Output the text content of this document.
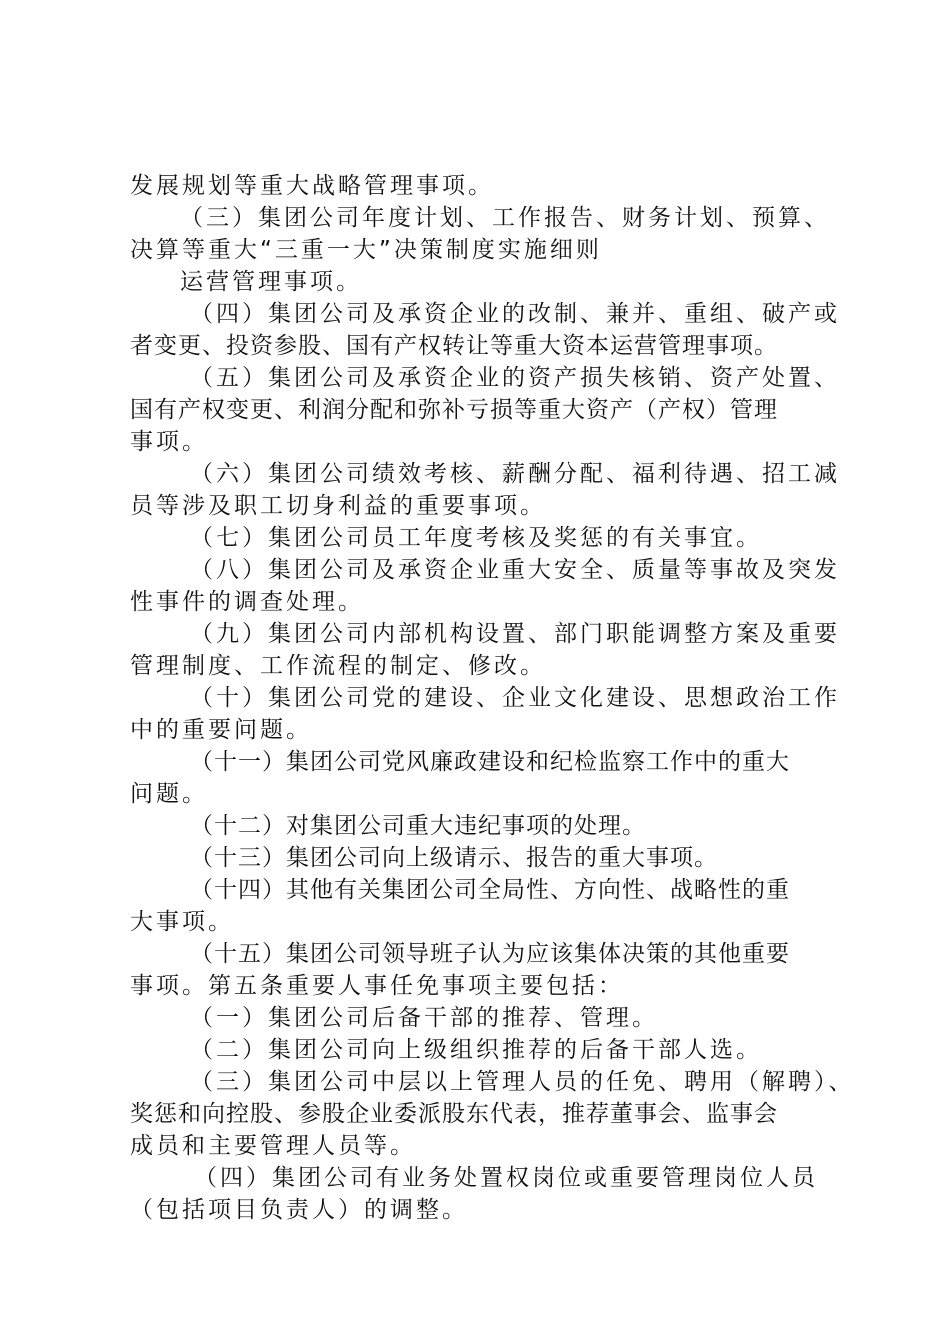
发展规划等重大战略管理事项。
（三）集团公司年度计划、工作报告、财务计划、预算、
决算等重大“三重一大”决策制度实施细则
运营管理事项。
（四）集团公司及承资企业的改制、兼并、重组、破产或
者变更、投资参股、国有产权转让等重大资本运营管理事项。
（五）集团公司及承资企业的资产损失核销、资产处置、
国有产权变更、利润分配和弥补亏损等重大资产（产权）管理
事项。
（六）集团公司绩效考核、薪酬分配、福利待遇、招工减
员等涉及职工切身利益的重要事项。
（七）集团公司员工年度考核及奖惩的有关事宜。
（八）集团公司及承资企业重大安全、质量等事故及突发
性事件的调查处理。
（九）集团公司内部机构设置、部门职能调整方案及重要
管理制度、工作流程的制定、修改。
（十）集团公司党的建设、企业文化建设、思想政治工作
中的重要问题。
（十一）集团公司党风廉政建设和纪检监察工作中的重大
问题。
（十二）对集团公司重大违纪事项的处理。
（十三）集团公司向上级请示、报告的重大事项。
（十四）其他有关集团公司全局性、方向性、战略性的重
大事项。
（十五）集团公司领导班子认为应该集体决策的其他重要
事项。第五条重要人事任免事项主要包括：
（一）集团公司后备干部的推荐、管理。
（二）集团公司向上级组织推荐的后备干部人选。
（三）集团公司中层以上管理人员的任免、聘用（解聘）、
奖惩和向控股、参股企业委派股东代表，推荐董事会、监事会
成员和主要管理人员等。
（四）集团公司有业务处置权岗位或重要管理岗位人员
（包括项目负责人）的调整。
